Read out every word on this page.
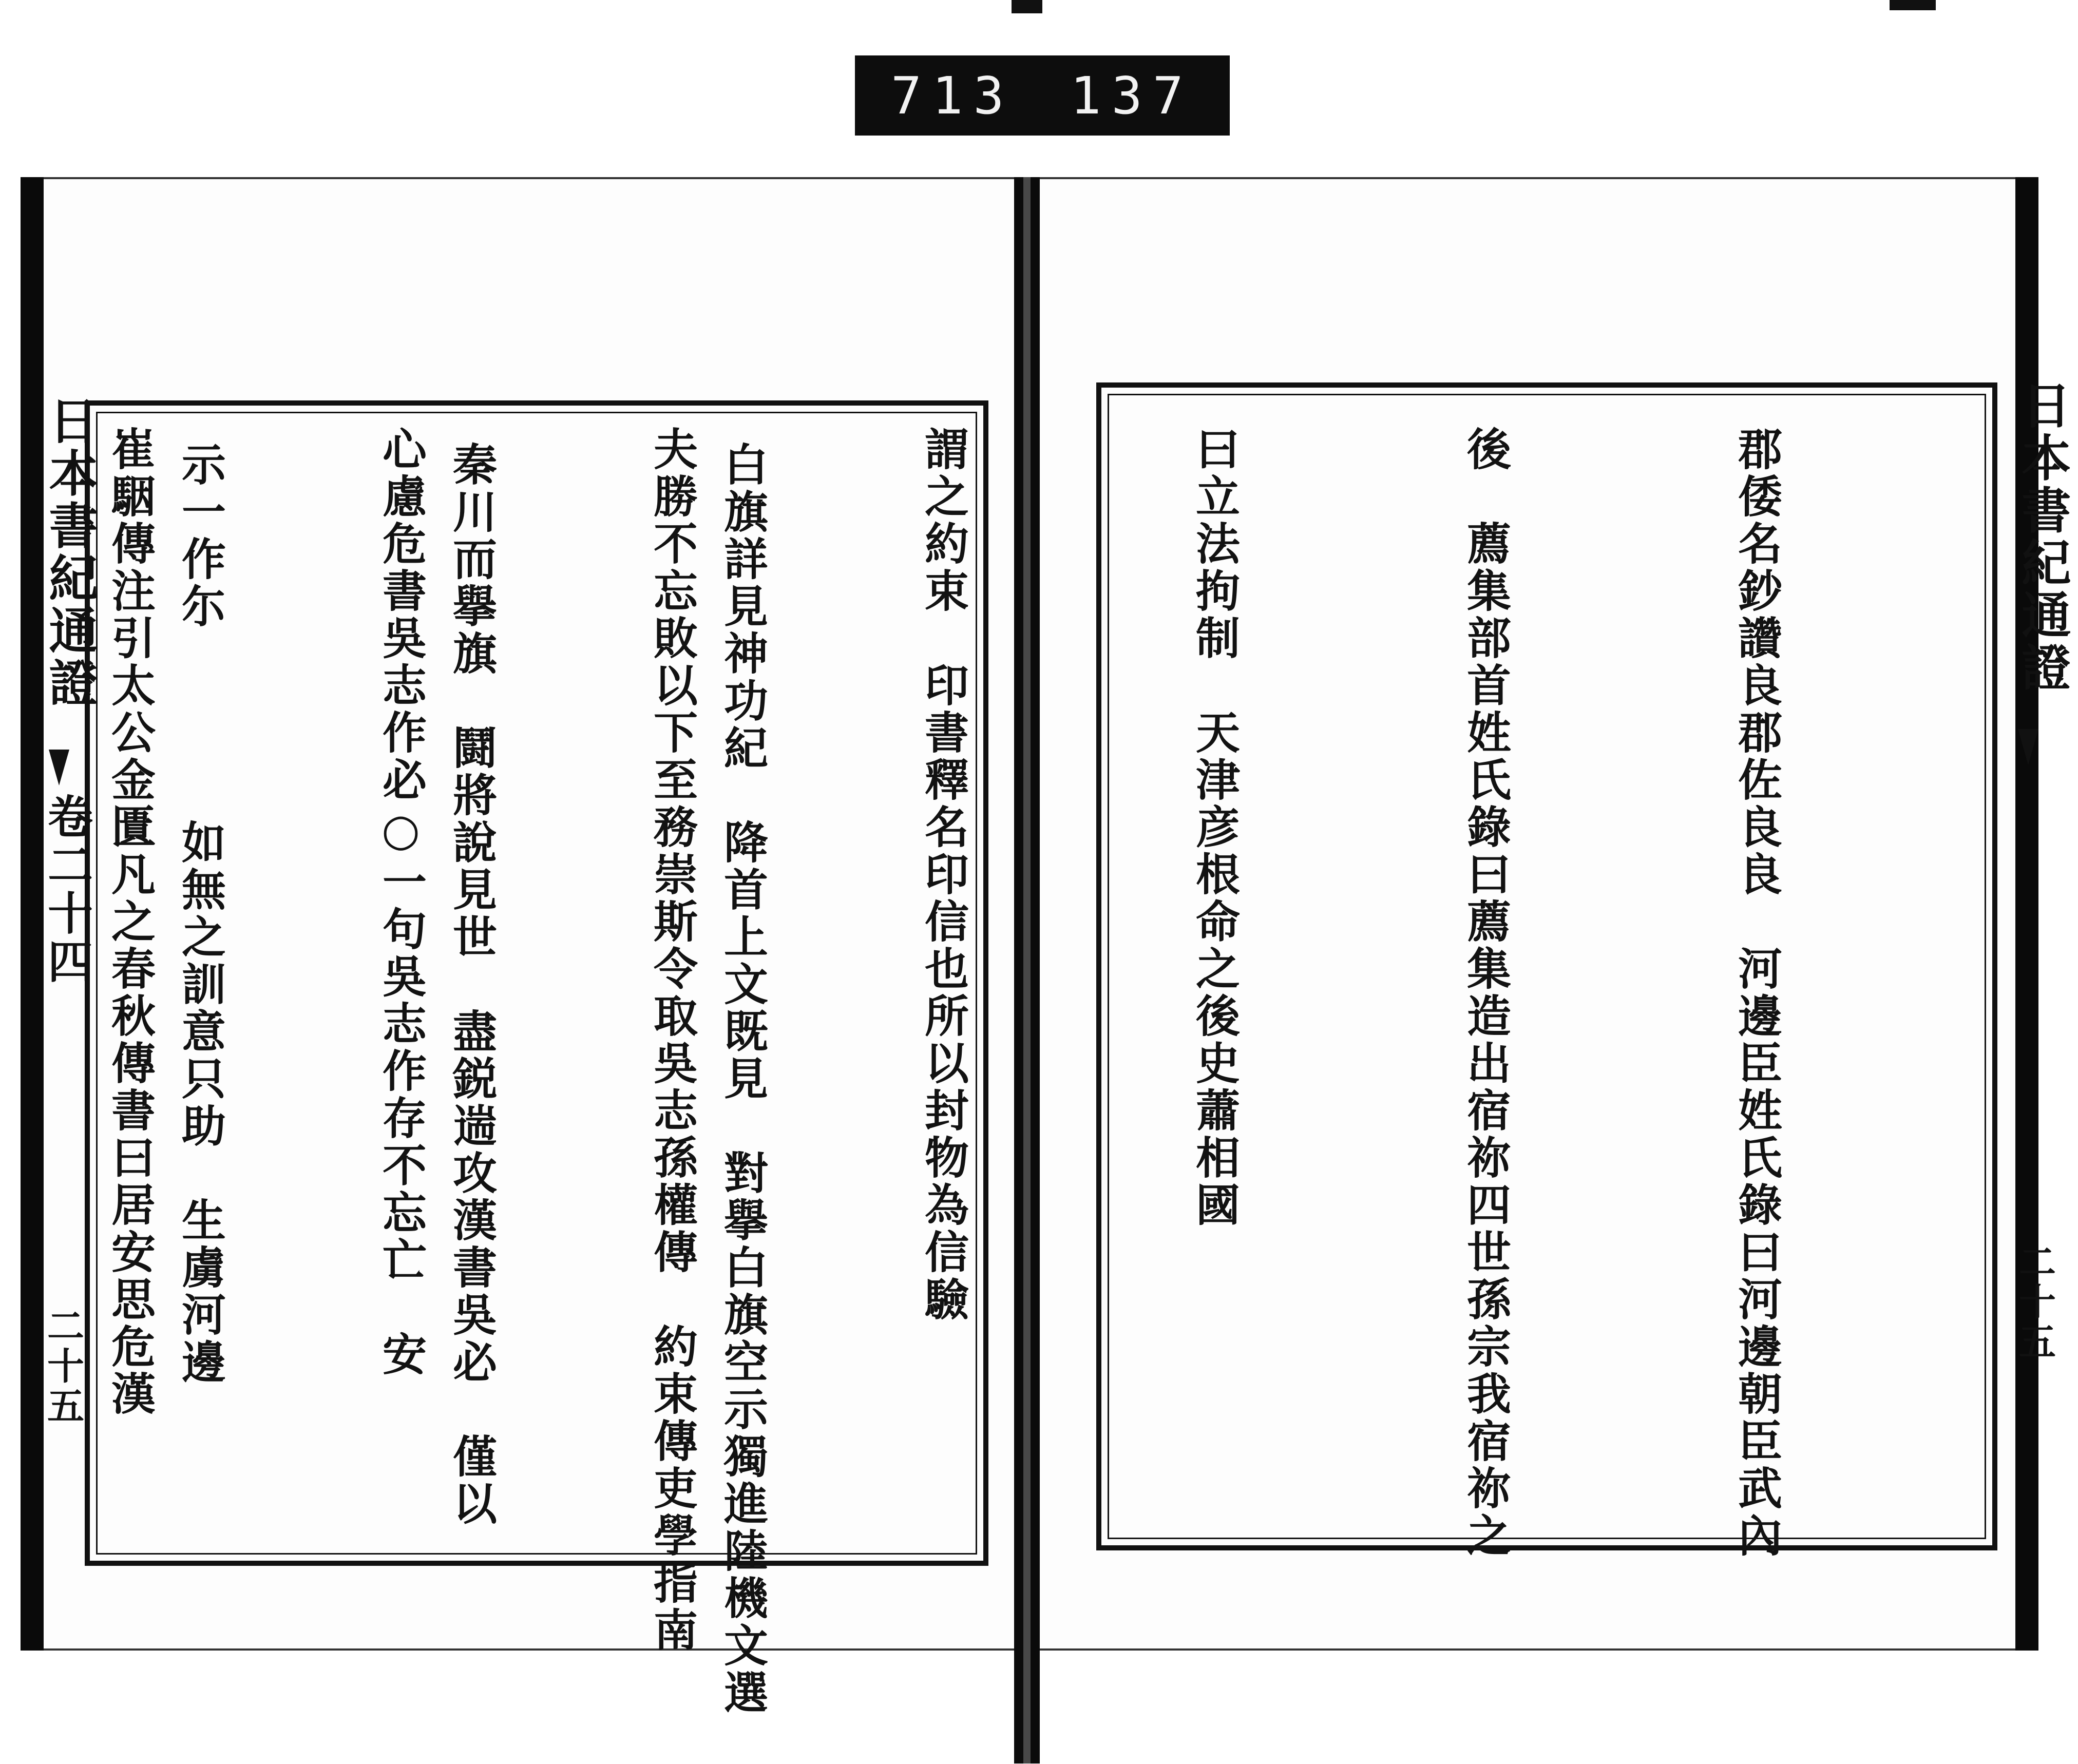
713 137
日本書紀通證
卷二十四
二十五
日本書紀通證
二十五

郡倭名鈔讚良郡佐良良　河邊臣姓氏錄曰河邊朝臣武內

後　薦集部首姓氏錄曰薦集造出宿祢四世孫宗我宿祢之

曰立法拘制　天津彦根命之後史蕭相國

謂之約束　印書釋名印信也所以封物為信驗

夫勝不忘敗以下至務崇斯令取吳志孫權傳　約束傳吏學指南

心慮危書吳志作必○一句吳志作存不忘亡　安

崔駰傳注引太公金匱凡之春秋傳書曰居安思危漢

	白旗詳見神功紀　降首上文既見　對擧白旗空示獨進陸機文選

秦川而擧旗　鬪將說見世　盡鋭遄攻漢書吳必　僅以

示一作尓　　　　如無之訓意只助　生虜河邊
